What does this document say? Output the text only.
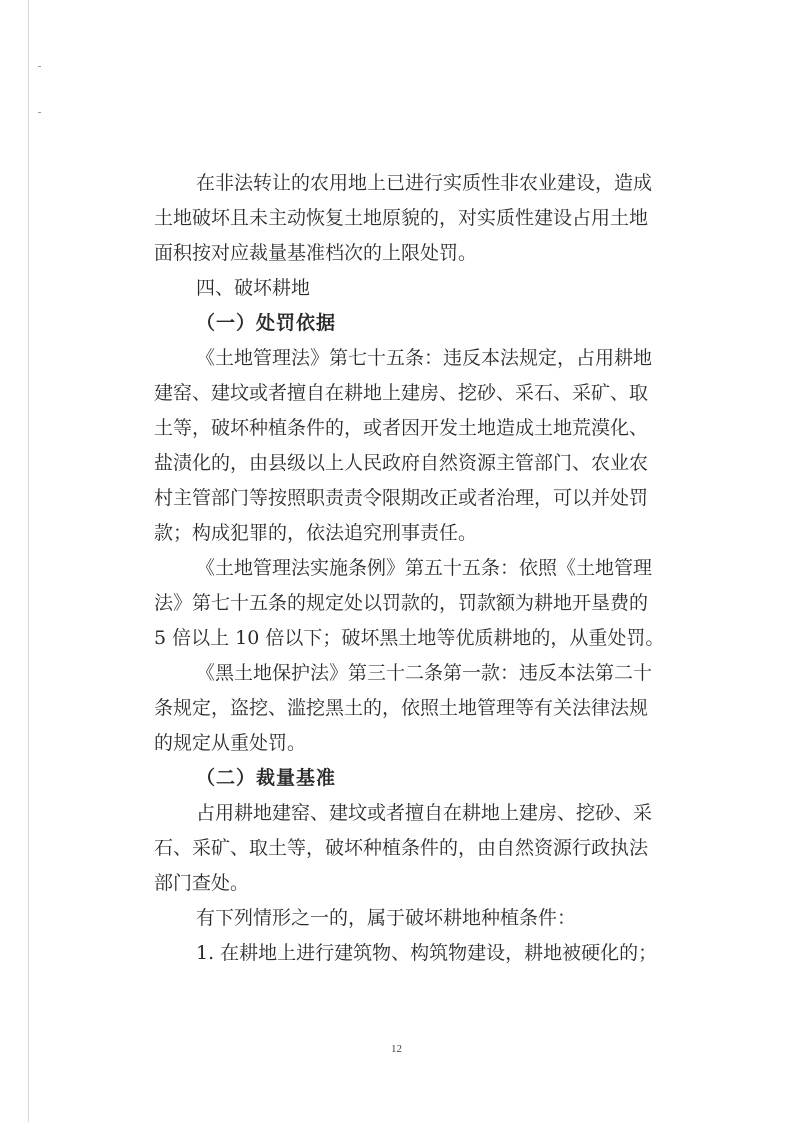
在非法转让的农用地上已进行实质性非农业建设，造成

土地破坏且未主动恢复土地原貌的，对实质性建设占用土地

面积按对应裁量基准档次的上限处罚。

四、破坏耕地

（一）处罚依据

《土地管理法》第七十五条：违反本法规定，占用耕地

建窑、建坟或者擅自在耕地上建房、挖砂、采石、采矿、取

土等，破坏种植条件的，或者因开发土地造成土地荒漠化、

盐渍化的，由县级以上人民政府自然资源主管部门、农业农

村主管部门等按照职责责令限期改正或者治理，可以并处罚

款；构成犯罪的，依法追究刑事责任。

《土地管理法实施条例》第五十五条：依照《土地管理

法》第七十五条的规定处以罚款的，罚款额为耕地开垦费的

5 倍以上 10 倍以下；破坏黑土地等优质耕地的，从重处罚。

《黑土地保护法》第三十二条第一款：违反本法第二十

条规定，盗挖、滥挖黑土的，依照土地管理等有关法律法规

的规定从重处罚。

（二）裁量基准

占用耕地建窑、建坟或者擅自在耕地上建房、挖砂、采

石、采矿、取土等，破坏种植条件的，由自然资源行政执法

部门查处。

有下列情形之一的，属于破坏耕地种植条件：

1. 在耕地上进行建筑物、构筑物建设，耕地被硬化的；

12
